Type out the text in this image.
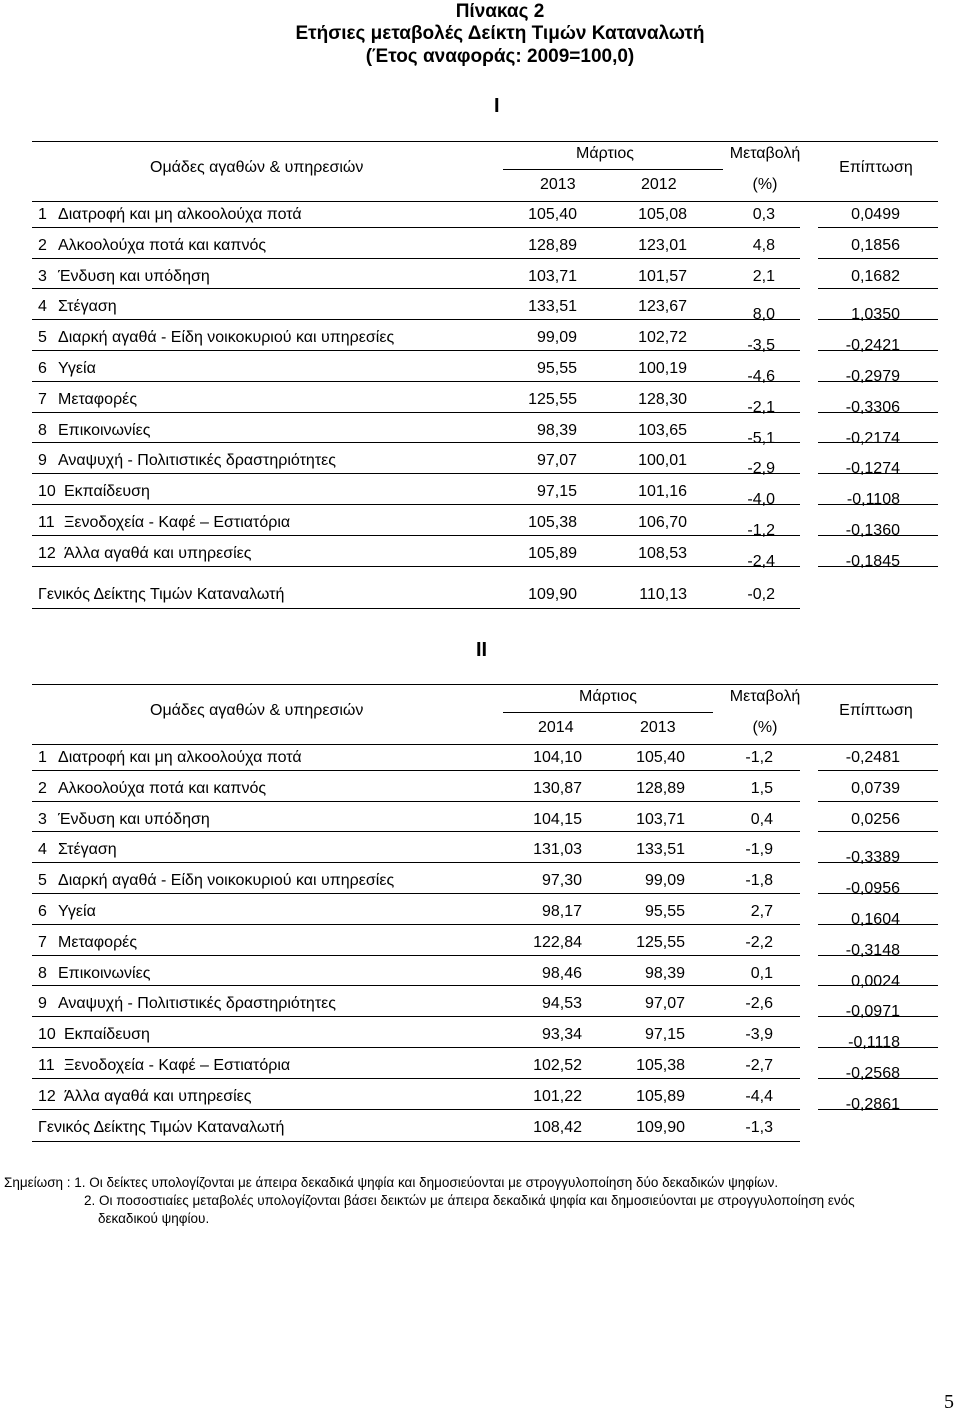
Πίνακας 2
Ετήσιες μεταβολές Δείκτη Τιμών Καταναλωτή
(Έτος αναφοράς: 2009=100,0)
Ι
Ομάδες αγαθών & υπηρεσιών
Μάρτιος
2013	2012
Μεταβολή
(%)
Επίπτωση
1 Διατροφή και μη αλκοολούχα ποτά	105,40	105,08	0,3	0,0499
2 Αλκοολούχα ποτά και καπνός	128,89	123,01	4,8	0,1856
3 Ένδυση και υπόδηση	103,71	101,57	2,1	0,1682
4 Στέγαση	133,51	123,67	8,0	1,0350
5 Διαρκή αγαθά - Είδη νοικοκυριού και υπηρεσίες	99,09	102,72	-3,5	-0,2421
6 Υγεία	95,55	100,19	-4,6	-0,2979
7 Μεταφορές	125,55	128,30	-2,1	-0,3306
8 Επικοινωνίες	98,39	103,65	-5,1	-0,2174
9 Αναψυχή - Πολιτιστικές δραστηριότητες	97,07	100,01	-2,9	-0,1274
10 Εκπαίδευση	97,15	101,16	-4,0	-0,1108
11 Ξενοδοχεία - Καφέ – Εστιατόρια	105,38	106,70	-1,2	-0,1360
12 Άλλα αγαθά και υπηρεσίες	105,89	108,53	-2,4	-0,1845
Γενικός Δείκτης Τιμών Καταναλωτή	109,90	110,13	-0,2
ΙΙ
Ομάδες αγαθών & υπηρεσιών
Μάρτιος
2014	2013
Μεταβολή
(%)
Επίπτωση
1 Διατροφή και μη αλκοολούχα ποτά	104,10	105,40	-1,2	-0,2481
2 Αλκοολούχα ποτά και καπνός	130,87	128,89	1,5	0,0739
3 Ένδυση και υπόδηση	104,15	103,71	0,4	0,0256
4 Στέγαση	131,03	133,51	-1,9	-0,3389
5 Διαρκή αγαθά - Είδη νοικοκυριού και υπηρεσίες	97,30	99,09	-1,8	-0,0956
6 Υγεία	98,17	95,55	2,7	0,1604
7 Μεταφορές	122,84	125,55	-2,2	-0,3148
8 Επικοινωνίες	98,46	98,39	0,1	0,0024
9 Αναψυχή - Πολιτιστικές δραστηριότητες	94,53	97,07	-2,6	-0,0971
10 Εκπαίδευση	93,34	97,15	-3,9	-0,1118
11 Ξενοδοχεία - Καφέ – Εστιατόρια	102,52	105,38	-2,7	-0,2568
12 Άλλα αγαθά και υπηρεσίες	101,22	105,89	-4,4	-0,2861
Γενικός Δείκτης Τιμών Καταναλωτή	108,42	109,90	-1,3
Σημείωση : 1. Οι δείκτες υπολογίζονται με άπειρα δεκαδικά ψηφία και δημοσιεύονται με στρογγυλοποίηση δύο δεκαδικών ψηφίων.
2. Οι ποσοστιαίες μεταβολές υπολογίζονται βάσει δεικτών με άπειρα δεκαδικά ψηφία και δημοσιεύονται με στρογγυλοποίηση ενός
δεκαδικού ψηφίου.
5
